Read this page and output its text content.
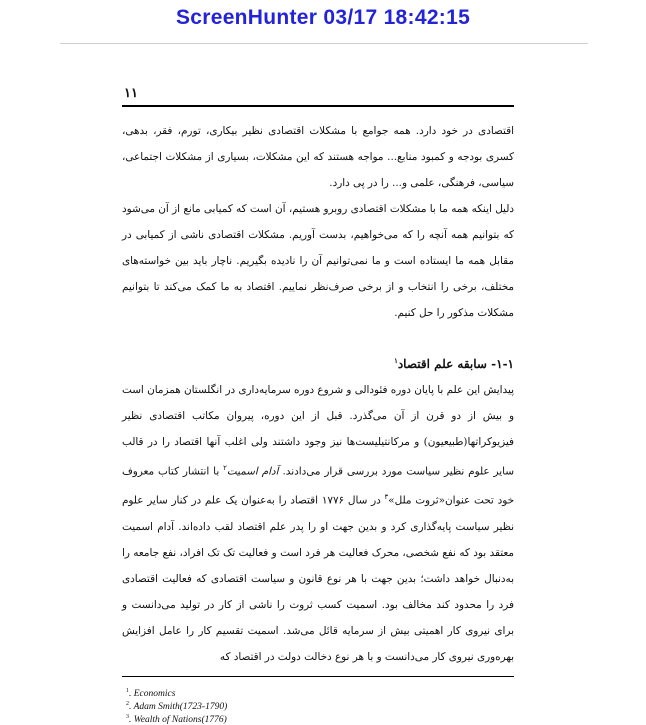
ScreenHunter 03/17 18:42:15
۱۱

اقتصادی در خود دارد. همه جوامع با مشکلات اقتصادی نظیر بیکاری، تورم، فقر، بدهی، کسری بودجه و کمبود منابع... مواجه هستند که این مشکلات، بسیاری از مشکلات اجتماعی، سیاسی، فرهنگی، علمی و... را در پی دارد.

دلیل اینکه همه ما با مشکلات اقتصادی روبرو هستیم، آن است که کمیابی مانع از آن می‌شود که بتوانیم همه آنچه را که می‌خواهیم، بدست آوریم. مشکلات اقتصادی ناشی از کمیابی در مقابل همه ما ایستاده است و ما نمی‌توانیم آن را نادیده بگیریم. ناچار باید بین خواسته‌های مختلف، برخی را انتخاب و از برخی صرف‌نظر نماییم. اقتصاد به ما کمک می‌کند تا بتوانیم مشکلات مذکور را حل کنیم.

۱-۱- سابقه علم اقتصاد$^۱$

پیدایش این علم با پایان دوره فئودالی و شروع دوره سرمایه‌داری در انگلستان همزمان است و بیش از دو قرن از آن می‌گذرد. قبل از این دوره، پیروان مکاتب اقتصادی نظیر فیزیوکراتها(طبیعیون) و مرکانتیلیست‌ها نیز وجود داشتند ولی اغلب آنها اقتصاد را در قالب سایر علوم نظیر سیاست مورد بررسی قرار می‌دادند. آدام اسمیت$^۲$ با انتشار کتاب معروف خود تحت عنوان«ثروت ملل»$^۳$ در سال ۱۷۷۶ اقتصاد را به‌عنوان یک علم در کنار سایر علوم نظیر سیاست پایه‌گذاری کرد و بدین جهت او را پدر علم اقتصاد لقب داده‌اند. آدام اسمیت معتقد بود که نفع شخصی، محرک فعالیت هر فرد است و فعالیت تک تک افراد، نفع جامعه را به‌دنبال خواهد داشت؛ بدین جهت با هر نوع قانون و سیاست اقتصادی که فعالیت اقتصادی فرد را محدود کند مخالف بود. اسمیت کسب ثروت را ناشی از کار در تولید می‌دانست و برای نیروی کار اهمیتی بیش از سرمایه قائل می‌شد. اسمیت تقسیم کار را عامل افزایش بهره‌وری نیروی کار می‌دانست و با هر نوع دخالت دولت در اقتصاد که

$^1$. Economics
$^2$. Adam Smith(1723-1790)
$^3$. Wealth of Nations(1776)
